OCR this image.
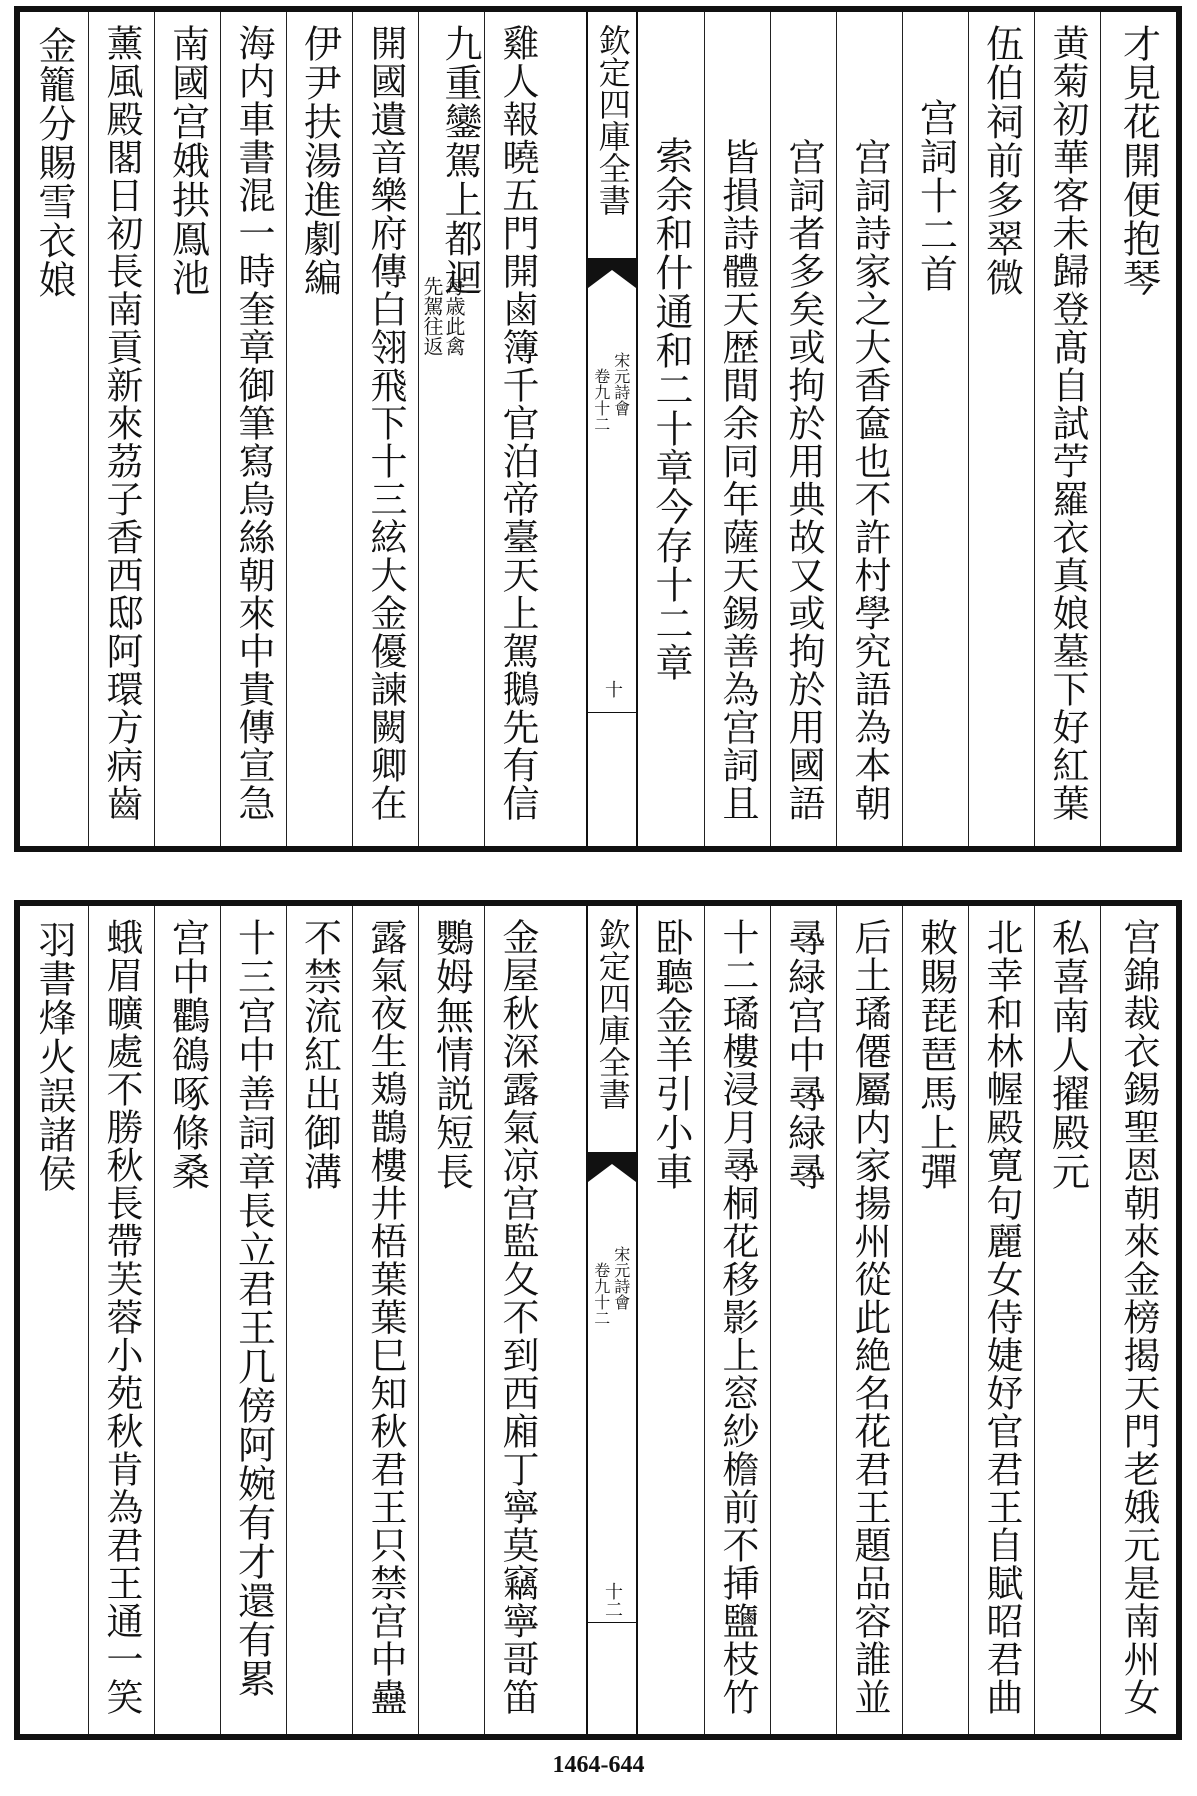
金籠分賜雪衣娘 薰風殿閣日初長南貢新來茘子香西邸阿環方病齒 南國宫娥拱鳯池 海内車書混一時奎章御筆寫烏絲朝來中貴傳宣急 伊尹扶湯進劇編 開國遺音樂府傳白翎飛下十三絃大金優諫闕卿在 九重鑾駕上都迴
先駕往返
每歳此禽 雞人報曉五門開鹵簿千官泊帝臺天上駕鵝先有信 欽定四庫全書
卷九十二 宋元詩會
十
索余和什通和二十章今存十二章 皆損詩體天歴間余同年薩天錫善為宫詞且 宫詞者多矣或拘於用典故又或拘於用國語 宫詞詩家之大香奩也不許村學究語為本朝 宫詞十二首 伍伯祠前多翠微 黄菊初華客未歸登髙自試苧羅衣真娘墓下好紅葉 才見花開便抱琴
羽書烽火誤諸侯 蛾眉曠處不勝秋長帶芙蓉小苑秋肯為君王通一笑 宫中鸜鵒啄條桑 十三宫中善詞章長立君王几傍阿婉有才還有累 不禁流紅出御溝 露氣夜生鳷鵲樓井梧葉葉巳知秋君王只禁宫中蠱 鸚姆無情説短長 金屋秋深露氣凉宫監夂不到西廂丁寧莫竊寧哥笛 欽定四庫全書
卷九十二 宋元詩會
十二
卧聽金羊引小車 十二璚樓浸月㝷桐花移影上窓紗檐前不挿鹽枝竹 㝷緑宫中㝷緑㝷 后土璚僊屬内家揚州從此絶名花君王題品容誰並 敕賜琵琶馬上彈 北幸和林幄殿寛句麗女侍婕妤官君王自賦昭君曲 私喜南人擢殿元 宫錦裁衣錫聖恩朝來金榜揭天門老娥元是南州女
1464-644
